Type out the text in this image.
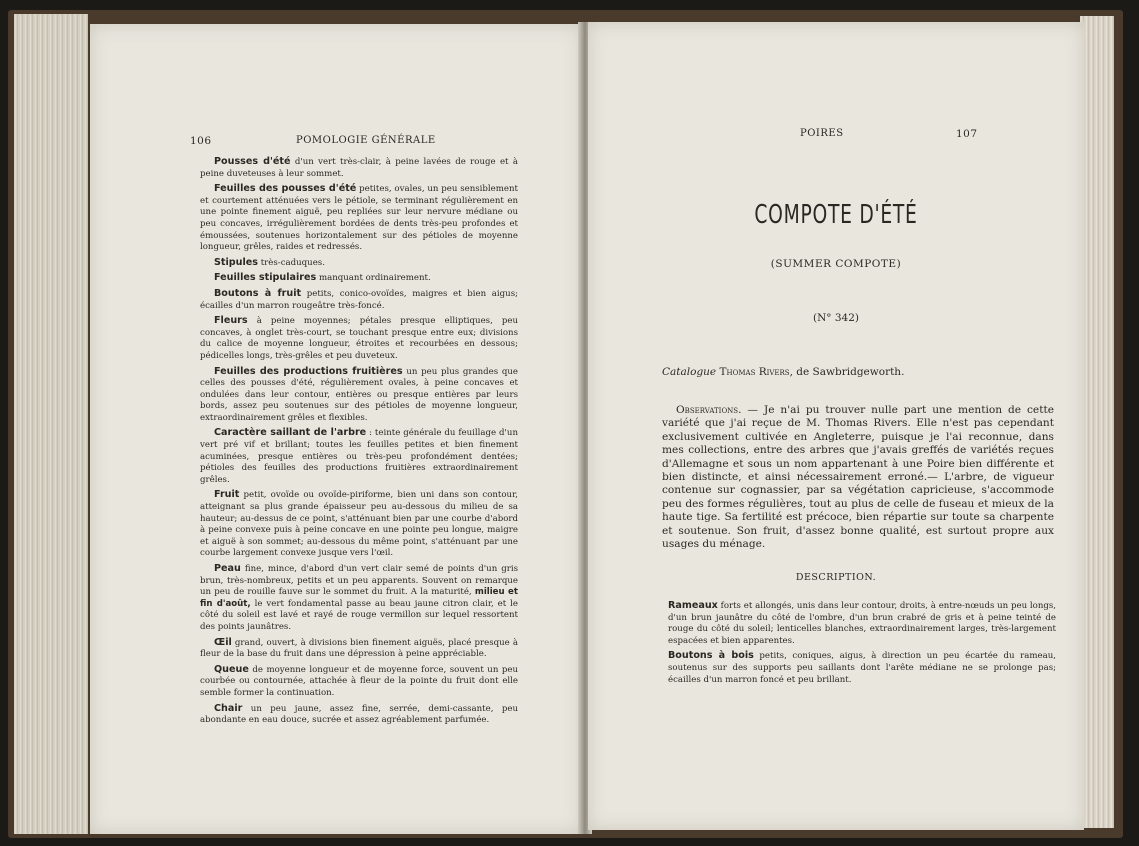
106	POMOLOGIE GÉNÉRALE

Pousses d'été d'un vert très-clair, à peine lavées de rouge et à peine duveteuses à leur sommet.

Feuilles des pousses d'été petites, ovales, un peu sensiblement et courtement atténuées vers le pétiole, se terminant régulièrement en une pointe finement aiguë, peu repliées sur leur nervure médiane ou peu concaves, irrégulièrement bordées de dents très-peu profondes et émoussées, soutenues horizontalement sur des pétioles de moyenne longueur, grêles, raides et redressés.

Stipules très-caduques.

Feuilles stipulaires manquant ordinairement.

Boutons à fruit petits, conico-ovoïdes, maigres et bien aigus; écailles d'un marron rougeâtre très-foncé.

Fleurs à peine moyennes; pétales presque elliptiques, peu concaves, à onglet très-court, se touchant presque entre eux; divisions du calice de moyenne longueur, étroites et recourbées en dessous; pédicelles longs, très-grêles et peu duveteux.

Feuilles des productions fruitières un peu plus grandes que celles des pousses d'été, régulièrement ovales, à peine concaves et ondulées dans leur contour, entières ou presque entières par leurs bords, assez peu soutenues sur des pétioles de moyenne longueur, extraordinairement grêles et flexibles.

Caractère saillant de l'arbre : teinte générale du feuillage d'un vert pré vif et brillant; toutes les feuilles petites et bien finement acuminées, presque entières ou très-peu profondément dentées; pétioles des feuilles des productions fruitières extraordinairement grêles.

Fruit petit, ovoïde ou ovoïde-piriforme, bien uni dans son contour, atteignant sa plus grande épaisseur peu au-dessous du milieu de sa hauteur; au-dessus de ce point, s'atténuant bien par une courbe d'abord à peine convexe puis à peine concave en une pointe peu longue, maigre et aiguë à son sommet; au-dessous du même point, s'atténuant par une courbe largement convexe jusque vers l'œil.

Peau fine, mince, d'abord d'un vert clair semé de points d'un gris brun, très-nombreux, petits et un peu apparents. Souvent on remarque un peu de rouille fauve sur le sommet du fruit. A la maturité, milieu et fin d'août, le vert fondamental passe au beau jaune citron clair, et le côté du soleil est lavé et rayé de rouge vermillon sur lequel ressortent des points jaunâtres.

Œil grand, ouvert, à divisions bien finement aiguës, placé presque à fleur de la base du fruit dans une dépression à peine appréciable.

Queue de moyenne longueur et de moyenne force, souvent un peu courbée ou contournée, attachée à fleur de la pointe du fruit dont elle semble former la continuation.

Chair un peu jaune, assez fine, serrée, demi-cassante, peu abondante en eau douce, sucrée et assez agréablement parfumée.

POIRES	107
COMPOTE D'ÉTÉ
(SUMMER COMPOTE)
(N° 342)
Catalogue Thomas Rivers, de Sawbridgeworth.
Observations. — Je n'ai pu trouver nulle part une mention de cette variété que j'ai reçue de M. Thomas Rivers. Elle n'est pas cependant exclusivement cultivée en Angleterre, puisque je l'ai reconnue, dans mes collections, entre des arbres que j'avais greffés de variétés reçues d'Allemagne et sous un nom appartenant à une Poire bien différente et bien distincte, et ainsi nécessairement erroné.— L'arbre, de vigueur contenue sur cognassier, par sa végétation capricieuse, s'accommode peu des formes régulières, tout au plus de celle de fuseau et mieux de la haute tige. Sa fertilité est précoce, bien répartie sur toute sa charpente et soutenue. Son fruit, d'assez bonne qualité, est surtout propre aux usages du ménage.
DESCRIPTION.

Rameaux forts et allongés, unis dans leur contour, droits, à entre-nœuds un peu longs, d'un brun jaunâtre du côté de l'ombre, d'un brun crabré de gris et à peine teinté de rouge du côté du soleil; lenticelles blanches, extraordinairement larges, très-largement espacées et bien apparentes.

Boutons à bois petits, coniques, aigus, à direction un peu écartée du rameau, soutenus sur des supports peu saillants dont l'arête médiane ne se prolonge pas; écailles d'un marron foncé et peu brillant.
